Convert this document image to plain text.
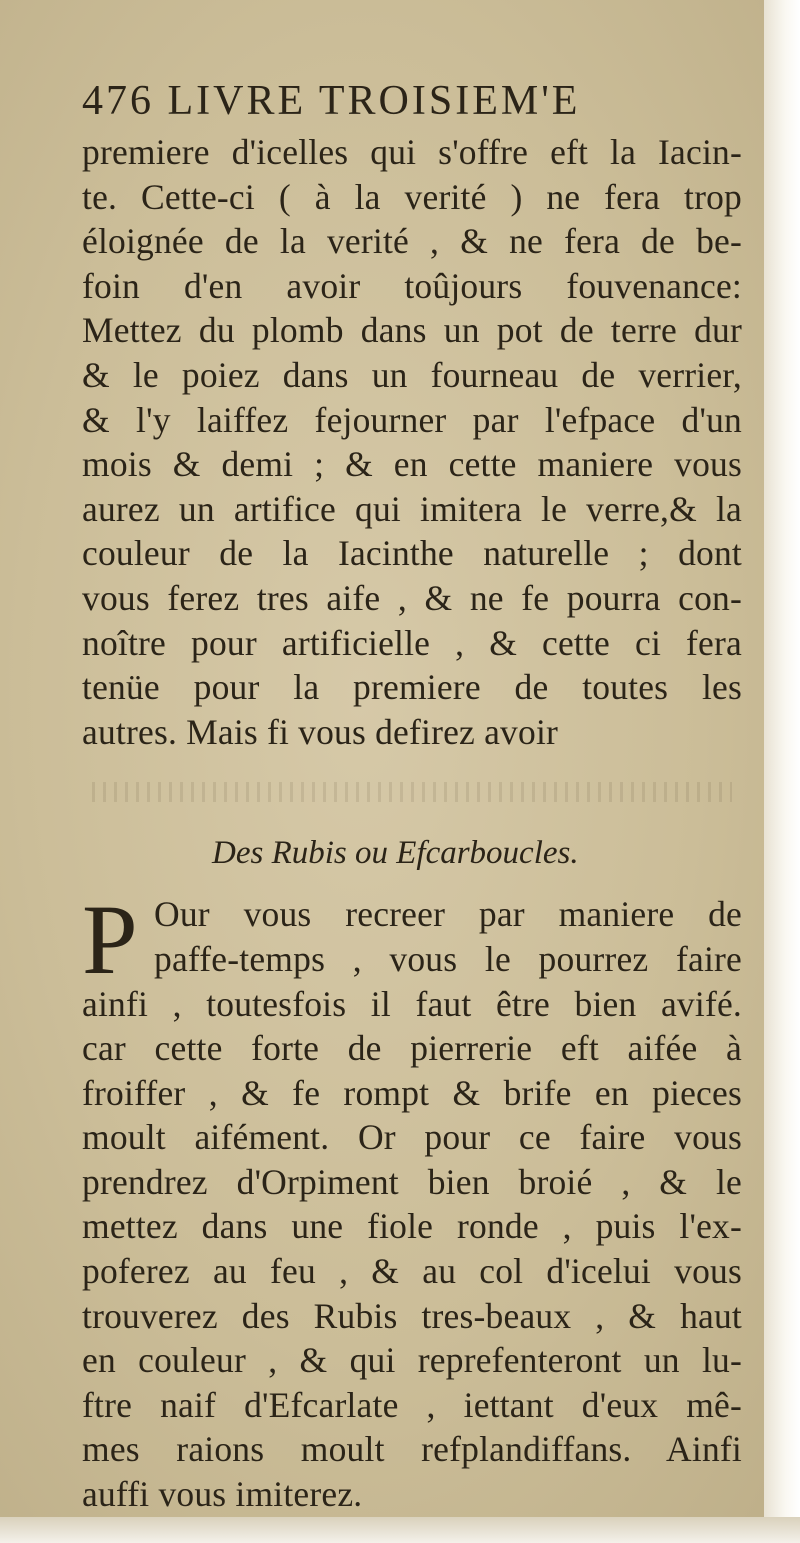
476 LIVRE TROISIEM'E
premiere d'icelles qui s'offre eft la Iacin-
te. Cette-ci ( à la verité ) ne fera trop
éloignée de la verité , & ne fera de be-
foin d'en avoir toûjours fouvenance:
Mettez du plomb dans un pot de terre dur
& le poiez dans un fourneau de verrier,
& l'y laiffez fejourner par l'efpace d'un
mois & demi ; & en cette maniere vous
aurez un artifice qui imitera le verre,& la
couleur de la Iacinthe naturelle ; dont
vous ferez tres aife , & ne fe pourra con-
noître pour artificielle , & cette ci fera
tenüe pour la premiere de toutes les
autres. Mais fi vous defirez avoir
Des Rubis ou Efcarboucles.
P Our vous recreer par maniere de
paffe-temps , vous le pourrez faire
ainfi , toutesfois il faut être bien avifé.
car cette forte de pierrerie eft aifée à
froiffer , & fe rompt & brife en pieces
moult aifément. Or pour ce faire vous
prendrez d'Orpiment bien broié , & le
mettez dans une fiole ronde , puis l'ex-
poferez au feu , & au col d'icelui vous
trouverez des Rubis tres-beaux , & haut
en couleur , & qui reprefenteront un lu-
ftre naif d'Efcarlate , iettant d'eux mê-
mes raions moult refplandiffans. Ainfi
auffi vous imiterez.
